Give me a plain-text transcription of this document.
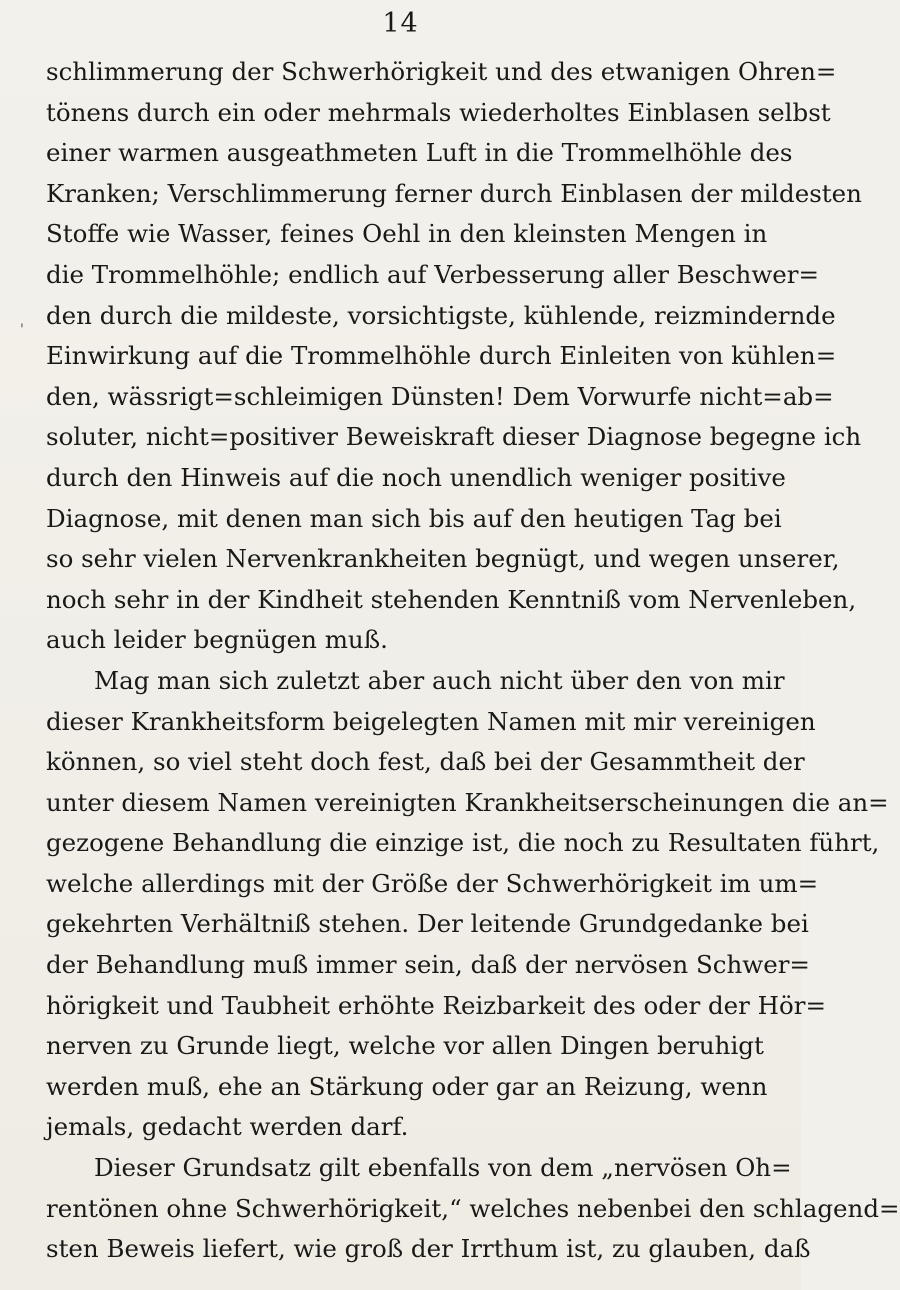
14
'
schlimmerung der Schwerhörigkeit und des etwanigen Ohren=
tönens durch ein oder mehrmals wiederholtes Einblasen selbst
einer warmen ausgeathmeten Luft in die Trommelhöhle des
Kranken; Verschlimmerung ferner durch Einblasen der mildesten
Stoffe wie Wasser, feines Oehl in den kleinsten Mengen in
die Trommelhöhle; endlich auf Verbesserung aller Beschwer=
den durch die mildeste, vorsichtigste, kühlende, reizmindernde
Einwirkung auf die Trommelhöhle durch Einleiten von kühlen=
den, wässrigt=schleimigen Dünsten! Dem Vorwurfe nicht=ab=
soluter, nicht=positiver Beweiskraft dieser Diagnose begegne ich
durch den Hinweis auf die noch unendlich weniger positive
Diagnose, mit denen man sich bis auf den heutigen Tag bei
so sehr vielen Nervenkrankheiten begnügt, und wegen unserer,
noch sehr in der Kindheit stehenden Kenntniß vom Nervenleben,
auch leider begnügen muß.
Mag man sich zuletzt aber auch nicht über den von mir
dieser Krankheitsform beigelegten Namen mit mir vereinigen
können, so viel steht doch fest, daß bei der Gesammtheit der
unter diesem Namen vereinigten Krankheitserscheinungen die an=
gezogene Behandlung die einzige ist, die noch zu Resultaten führt,
welche allerdings mit der Größe der Schwerhörigkeit im um=
gekehrten Verhältniß stehen. Der leitende Grundgedanke bei
der Behandlung muß immer sein, daß der nervösen Schwer=
hörigkeit und Taubheit erhöhte Reizbarkeit des oder der Hör=
nerven zu Grunde liegt, welche vor allen Dingen beruhigt
werden muß, ehe an Stärkung oder gar an Reizung, wenn
jemals, gedacht werden darf.
Dieser Grundsatz gilt ebenfalls von dem „nervösen Oh=
rentönen ohne Schwerhörigkeit,“ welches nebenbei den schlagend=
sten Beweis liefert, wie groß der Irrthum ist, zu glauben, daß
